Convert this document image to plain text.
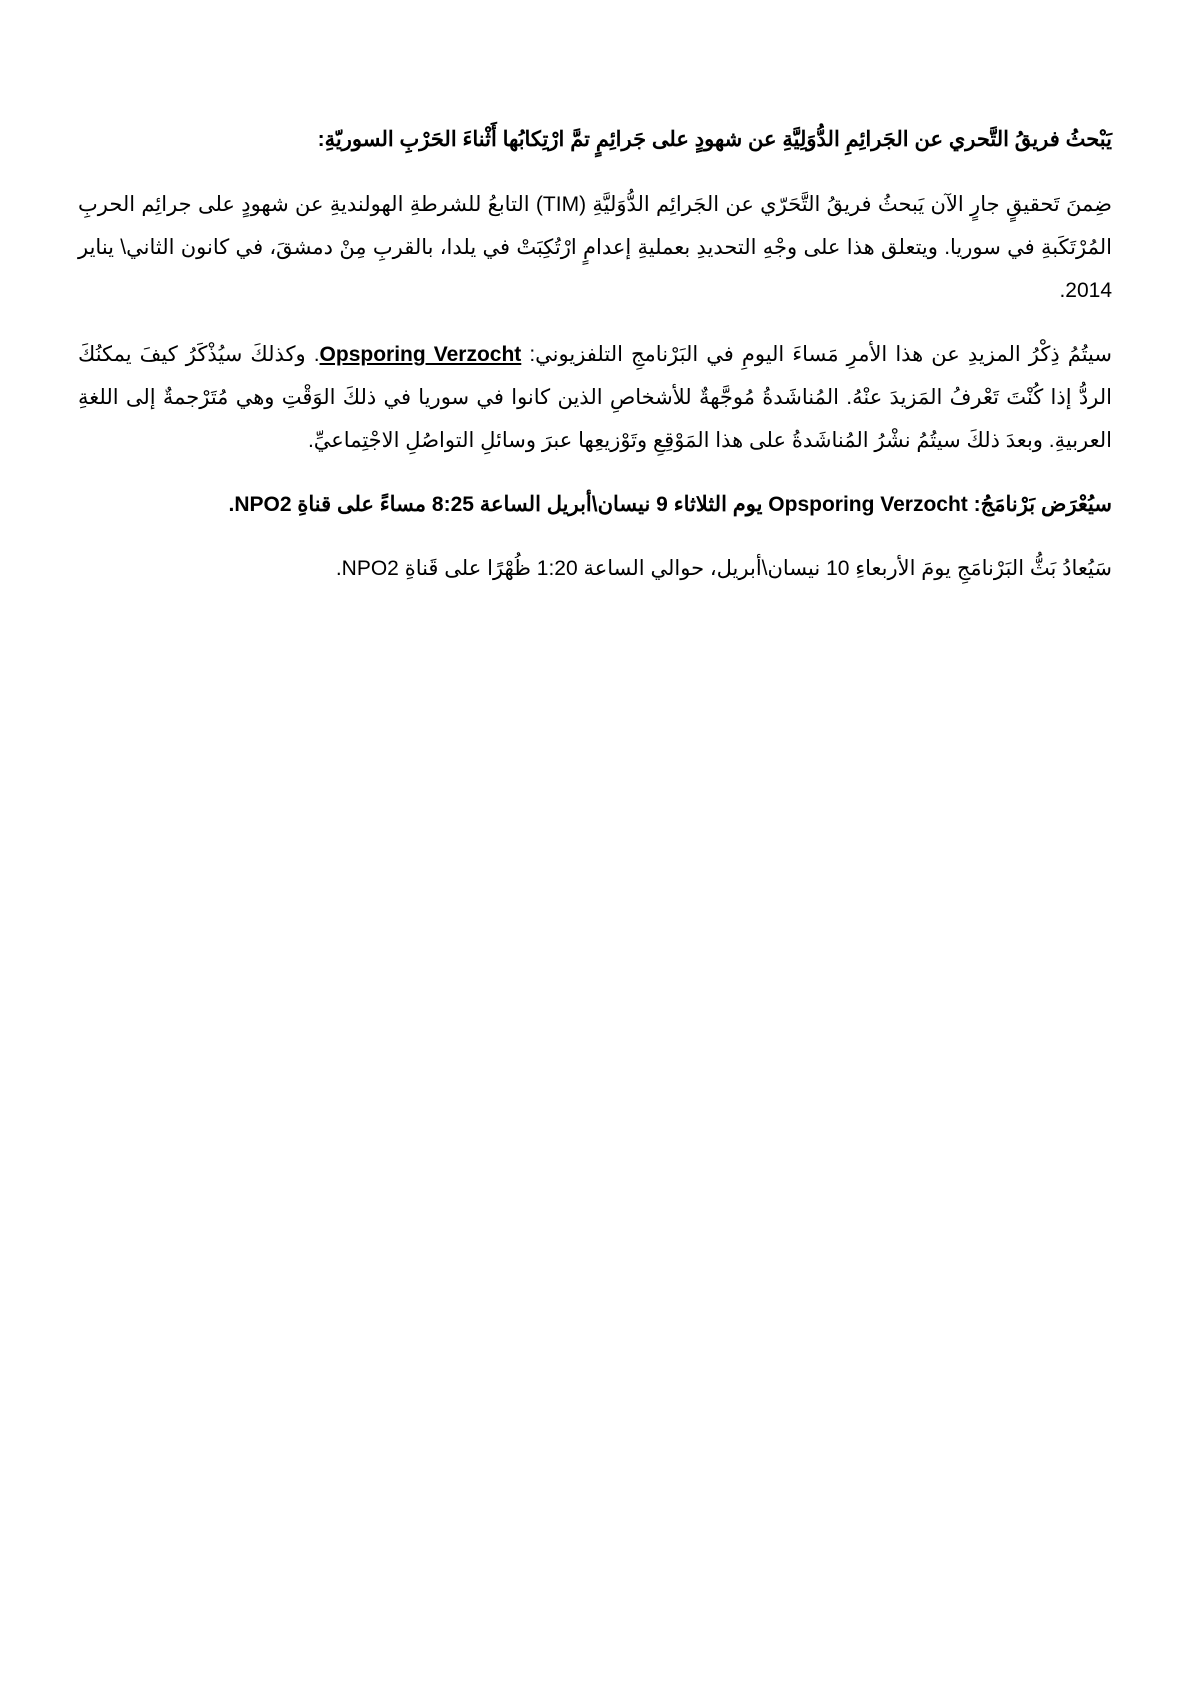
يَبْحثُ فريقُ التَّحري عن الجَرائِمِ الدُّوَلِيَّةِ عن شهودٍ على جَرائِمٍ تمَّ ارْتِكابُها أَثْناءَ الحَرْبِ السوريّةِ:

ضِمنَ تَحقيقٍ جارٍ الآن يَبحثُ فريقُ التَّحَرّي عن الجَرائِم الدُّوَليَّةِ (TIM) التابعُ للشرطةِ الهولنديةِ عن شهودٍ على جرائِم الحربِ المُرْتَكَبةِ في سوريا. ويتعلق هذا على وجْهِ التحديدِ بعمليةِ إعدامٍ ارْتُكِبَتْ في يلدا، بالقربِ مِنْ دمشقَ، في كانون الثاني\ يناير 2014.

سيتُمُ ذِكْرُ المزيدِ عن هذا الأمرِ مَساءَ اليومِ في البَرْنامجِ التلفزيوني: Opsporing Verzocht. وكذلكَ سيُذْكَرُ كيفَ يمكنُكَ الردُّ إذا كُنْتَ تَعْرفُ المَزيدَ عنْهُ. المُناشَدةُ مُوجَّهةٌ للأشخاصِ الذين كانوا في سوريا في ذلكَ الوَقْتِ وهي مُتَرْجمةٌ إلى اللغةِ العربيةِ. وبعدَ ذلكَ سيتُمُ نشْرُ المُناشَدةُ على هذا المَوْقِعِ وتَوْزيعِها عبرَ وسائلِ التواصُلِ الاجْتِماعيِّ.

سيُعْرَض بَرْنامَجُ: Opsporing Verzocht يوم الثلاثاء 9 نيسان\أبريل الساعة 8:25 مساءً على قناةِ NPO2.

سَيُعادُ بَثُّ البَرْنامَجِ يومَ الأربعاءِ 10 نيسان\أبريل، حوالي الساعة 1:20 ظُهْرًا على قَناةِ NPO2.
